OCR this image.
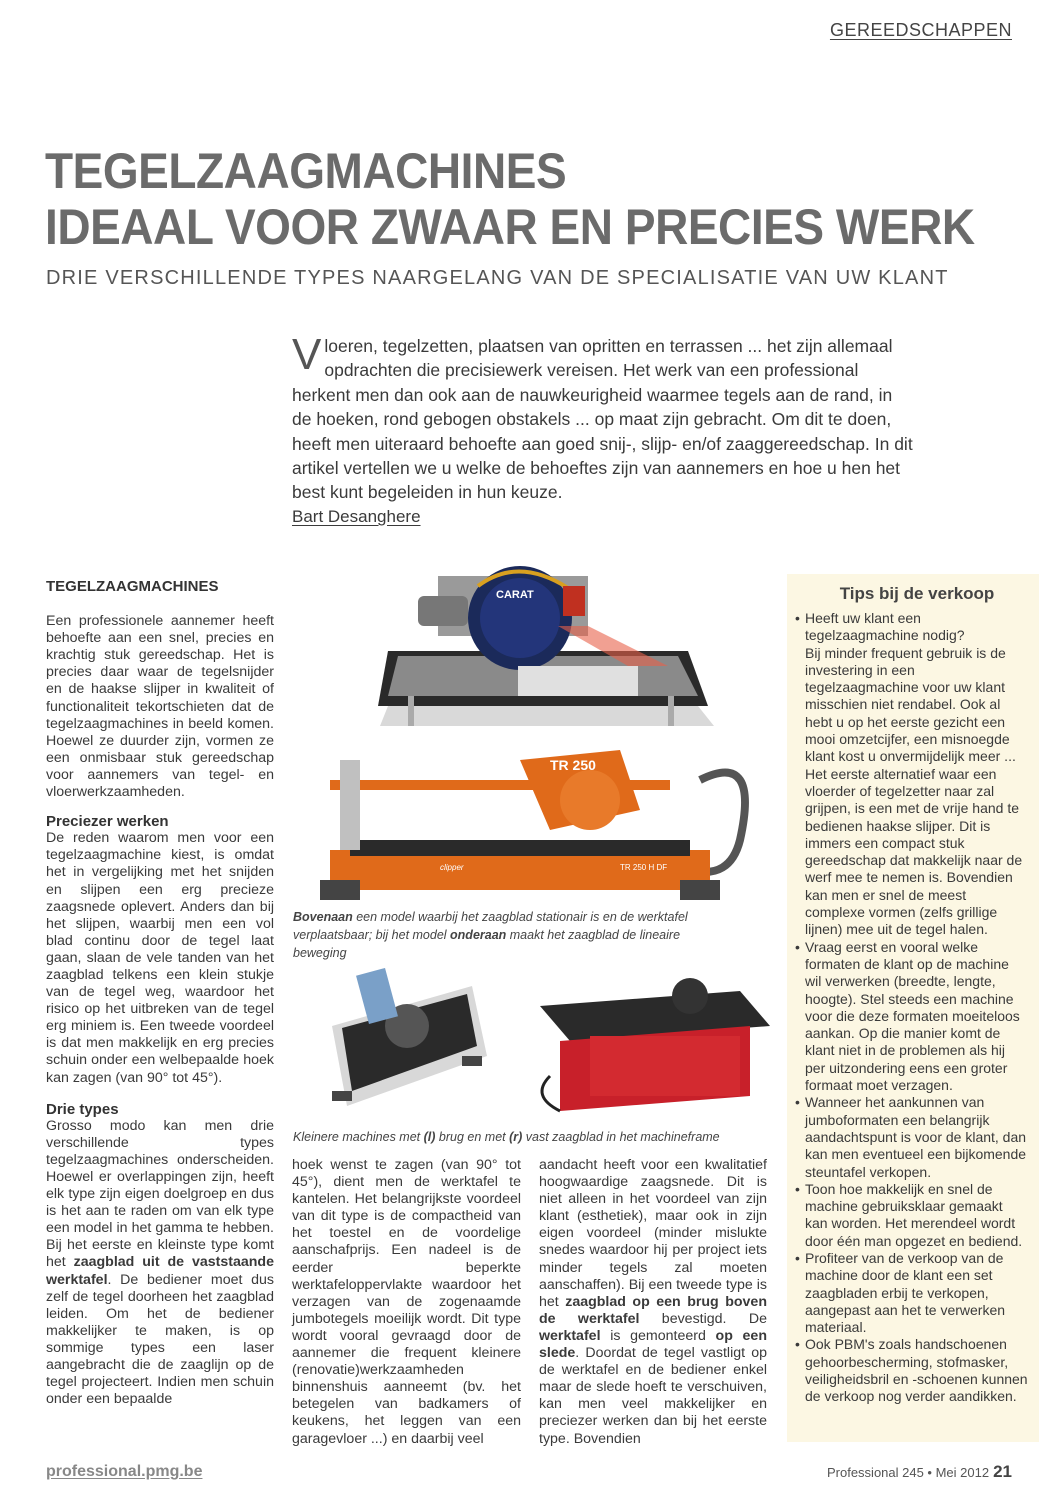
GEREEDSCHAPPEN
TEGELZAAGMACHINES
IDEAAL VOOR ZWAAR EN PRECIES WERK
DRIE VERSCHILLENDE TYPES NAARGELANG VAN DE SPECIALISATIE VAN UW KLANT
Vloeren, tegelzetten, plaatsen van opritten en terrassen ... het zijn allemaal opdrachten die precisiewerk vereisen. Het werk van een professional herkent men dan ook aan de nauwkeurigheid waarmee tegels aan de rand, in de hoeken, rond gebogen obstakels ... op maat zijn gebracht. Om dit te doen, heeft men uiteraard behoefte aan goed snij-, slijp- en/of zaaggereedschap. In dit artikel vertellen we u welke de behoeftes zijn van aannemers en hoe u hen het best kunt begeleiden in hun keuze.
Bart Desanghere
TEGELZAAGMACHINES

Een professionele aannemer heeft behoefte aan een snel, precies en krachtig stuk gereedschap. Het is precies daar waar de tegelsnijder en de haakse slijper in kwaliteit of functionaliteit tekortschieten dat de tegelzaagmachines in beeld komen. Hoewel ze duurder zijn, vormen ze een onmisbaar stuk gereedschap voor aannemers van tegel- en vloerwerkzaamheden.

Preciezer werken

De reden waarom men voor een tegelzaagmachine kiest, is omdat het in vergelijking met het snijden en slijpen een erg precieze zaagsnede oplevert. Anders dan bij het slijpen, waarbij men een vol blad continu door de tegel laat gaan, slaan de vele tanden van het zaagblad telkens een klein stukje van de tegel weg, waardoor het risico op het uitbreken van de tegel erg miniem is. Een tweede voordeel is dat men makkelijk en erg precies schuin onder een welbepaalde hoek kan zagen (van 90° tot 45°).

Drie types

Grosso modo kan men drie verschillende types tegelzaagmachines onderscheiden. Hoewel er overlappingen zijn, heeft elk type zijn eigen doelgroep en dus is het aan te raden om van elk type een model in het gamma te hebben. Bij het eerste en kleinste type komt het zaagblad uit de vaststaande werktafel. De bediener moet dus zelf de tegel doorheen het zaagblad leiden. Om het de bediener makkelijker te maken, is op sommige types een laser aangebracht die de zaaglijn op de tegel projecteert. Indien men schuin onder een bepaalde

CARAT
TR 250
clipper	TR 250 H DF
Bovenaan een model waarbij het zaagblad stationair is en de werktafel verplaatsbaar; bij het model onderaan maakt het zaagblad de lineaire beweging
Kleinere machines met (l) brug en met (r) vast zaagblad in het machineframe

hoek wenst te zagen (van 90° tot 45°), dient men de werktafel te kantelen. Het belangrijkste voordeel van dit type is de compactheid van het toestel en de voordelige aanschafprijs. Een nadeel is de eerder beperkte werktafeloppervlakte waardoor het verzagen van de zogenaamde jumbotegels moeilijk wordt. Dit type wordt vooral gevraagd door de aannemer die frequent kleinere (renovatie)werkzaamheden binnenshuis aanneemt (bv. het betegelen van badkamers of keukens, het leggen van een garagevloer ...) en daarbij veel

aandacht heeft voor een kwalitatief hoogwaardige zaagsnede. Dit is niet alleen in het voordeel van zijn klant (esthetiek), maar ook in zijn eigen voordeel (minder mislukte snedes waardoor hij per project iets minder tegels zal moeten aanschaffen). Bij een tweede type is het zaagblad op een brug boven de werktafel bevestigd. De werktafel is gemonteerd op een slede. Doordat de tegel vastligt op de werktafel en de bediener enkel maar de slede hoeft te verschuiven, kan men veel makkelijker en preciezer werken dan bij het eerste type. Bovendien

Tips bij de verkoop
• Heeft uw klant een tegelzaagmachine nodig?
Bij minder frequent gebruik is de investering in een tegelzaagmachine voor uw klant misschien niet rendabel. Ook al hebt u op het eerste gezicht een mooi omzetcijfer, een misnoegde klant kost u onvermijdelijk meer ...
Het eerste alternatief waar een vloerder of tegelzetter naar zal grijpen, is een met de vrije hand te bedienen haakse slijper. Dit is immers een compact stuk gereedschap dat makkelijk naar de werf mee te nemen is. Bovendien kan men er snel de meest complexe vormen (zelfs grillige lijnen) mee uit de tegel halen.
• Vraag eerst en vooral welke formaten de klant op de machine wil verwerken (breedte, lengte, hoogte). Stel steeds een machine voor die deze formaten moeiteloos aankan. Op die manier komt de klant niet in de problemen als hij per uitzondering eens een groter formaat moet verzagen.
• Wanneer het aankunnen van jumboformaten een belangrijk aandachtspunt is voor de klant, dan kan men eventueel een bijkomende steuntafel verkopen.
• Toon hoe makkelijk en snel de machine gebruiksklaar gemaakt kan worden. Het merendeel wordt door één man opgezet en bediend.
• Profiteer van de verkoop van de machine door de klant een set zaagbladen erbij te verkopen, aangepast aan het te verwerken materiaal.
• Ook PBM's zoals handschoenen gehoorbescherming, stofmasker, veiligheidsbril en -schoenen kunnen de verkoop nog verder aandikken.
professional.pmg.be	Professional 245 • Mei 2012 21
